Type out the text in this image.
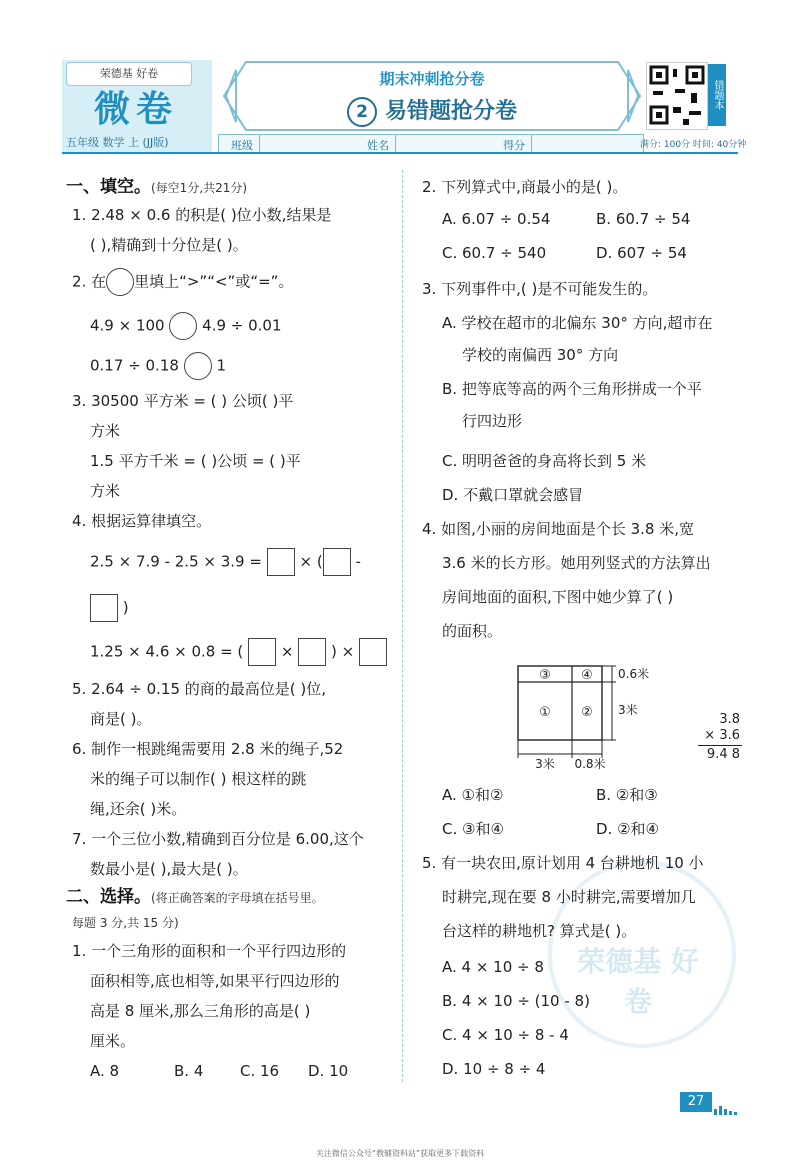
荣德基 好卷
微卷
五年级 数学 上 (JJ版)
期末冲刺抢分卷
2 易错题抢分卷
班级	姓名	得分
错题本
满分: 100分 时间: 40分钟
荣德基 好卷
一、填空。(每空1分,共21分)
1. 2.48 × 0.6 的积是( )位小数,结果是
( ),精确到十分位是( )。
2. 在 里填上“>”“<”或“=”。
4.9 × 100	4.9 ÷ 0.01
0.17 ÷ 0.18	1
3. 30500 平方米 = ( ) 公顷( )平
方米
1.5 平方千米 = ( )公顷 = ( )平
方米
4. 根据运算律填空。
2.5 × 7.9 - 2.5 × 3.9 =	× ( -
)
1.25 × 4.6 × 0.8 = (	×	) ×
5. 2.64 ÷ 0.15 的商的最高位是( )位,
商是( )。
6. 制作一根跳绳需要用 2.8 米的绳子,52
米的绳子可以制作( ) 根这样的跳
绳,还余( )米。
7. 一个三位小数,精确到百分位是 6.00,这个
数最小是( ),最大是( )。
二、选择。(将正确答案的字母填在括号里。
每题 3 分,共 15 分)
1. 一个三角形的面积和一个平行四边形的
面积相等,底也相等,如果平行四边形的
高是 8 厘米,那么三角形的高是( )
厘米。
A. 8	B. 4 C. 16 D. 10
2. 下列算式中,商最小的是( )。
A. 6.07 ÷ 0.54	B. 60.7 ÷ 54
C. 60.7 ÷ 540	D. 607 ÷ 54
3. 下列事件中,( )是不可能发生的。
A. 学校在超市的北偏东 30° 方向,超市在
学校的南偏西 30° 方向
B. 把等底等高的两个三角形拼成一个平
行四边形
C. 明明爸爸的身高将长到 5 米
D. 不戴口罩就会感冒
4. 如图,小丽的房间地面是个长 3.8 米,宽
3.6 米的长方形。她用列竖式的方法算出
房间地面的面积,下图中她少算了( )
的面积。
③ ④
① ②
0.6米
3米
3米 0.8米
3.8
× 3.6
9.4 8
A. ①和②	B. ②和③
C. ③和④	D. ②和④
5. 有一块农田,原计划用 4 台耕地机 10 小
时耕完,现在要 8 小时耕完,需要增加几
台这样的耕地机? 算式是( )。
A. 4 × 10 ÷ 8
B. 4 × 10 ÷ (10 - 8)
C. 4 × 10 ÷ 8 - 4
D. 10 ÷ 8 ÷ 4
27
关注微信公众号“教辅资料站”获取更多下载资料
